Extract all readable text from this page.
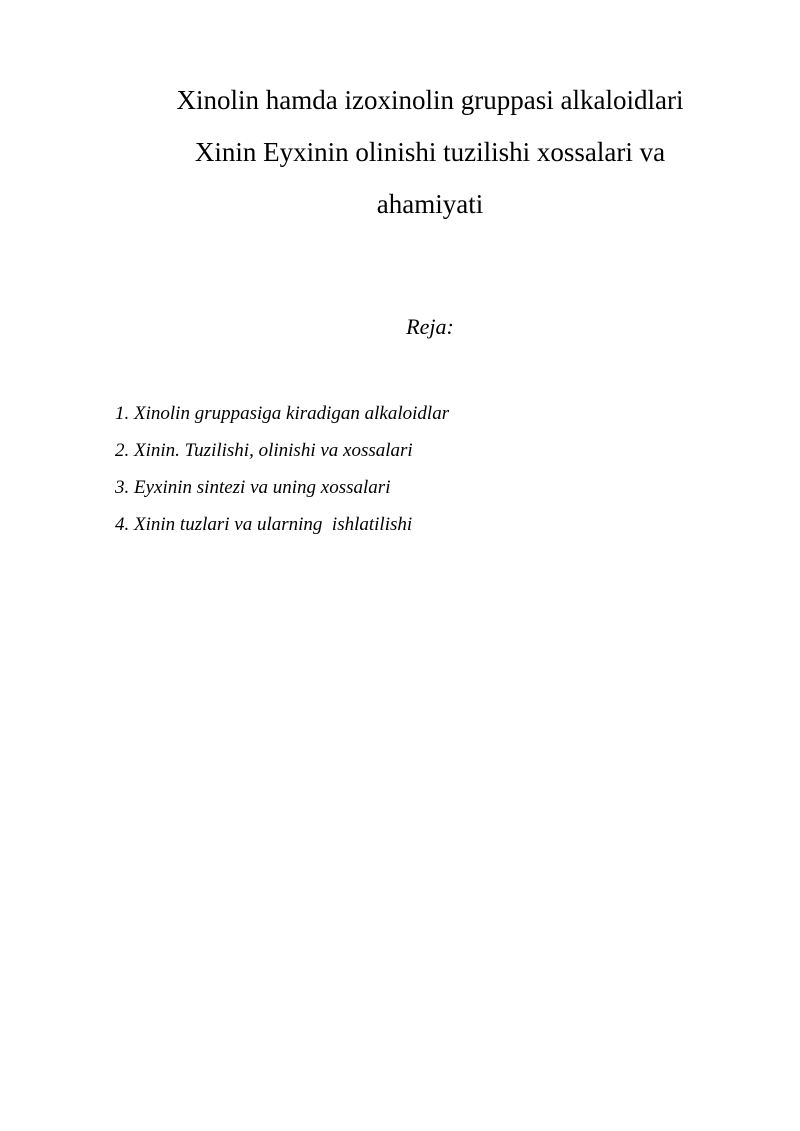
Xinolin hamda izoxinolin gruppasi alkaloidlari
Xinin Eyxinin olinishi tuzilishi xossalari va
ahamiyati
Reja:
1. Xinolin gruppasiga kiradigan alkaloidlar
2. Xinin. Tuzilishi, olinishi va xossalari
3. Eyxinin sintezi va uning xossalari
4. Xinin tuzlari va ularning  ishlatilishi
